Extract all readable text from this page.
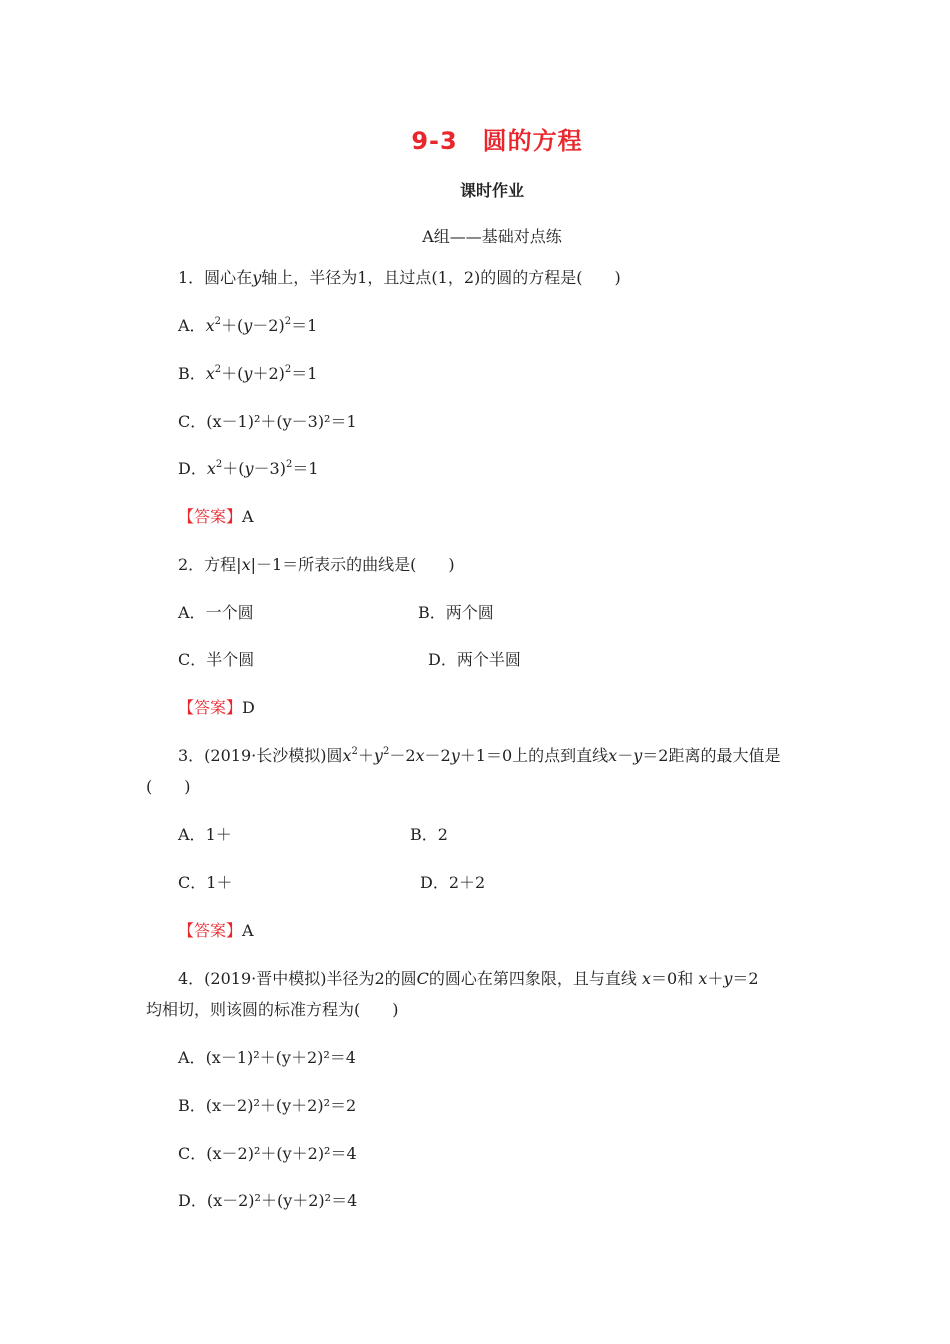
9-3　圆的方程
课时作业
A组——基础对点练
1．圆心在y轴上，半径为1，且过点(1，2)的圆的方程是(　　)
A．$x^2+(y-2)^2=1$
B．$x^2+(y+2)^2=1$
C．(x－1)²＋(y－3)²＝1
D．$x^2+(y-3)^2=1$
【答案】A
2．方程|x|－1＝所表示的曲线是(　　)
A．一个圆	B．两个圆
C．半个圆	D．两个半圆
【答案】D
3．(2019·长沙模拟)圆$x^2+y^2-2x-2y+1=0$上的点到直线x－y＝2距离的最大值是
(　　)
A．1＋	B．2
C．1＋	D．2＋2
【答案】A
4．(2019·晋中模拟)半径为2的圆C的圆心在第四象限，且与直线 x＝0和 x＋y＝2
均相切，则该圆的标准方程为(　　)
A．(x－1)²＋(y＋2)²＝4
B．(x－2)²＋(y＋2)²＝2
C．(x－2)²＋(y＋2)²＝4
D．(x－2)²＋(y＋2)²＝4
